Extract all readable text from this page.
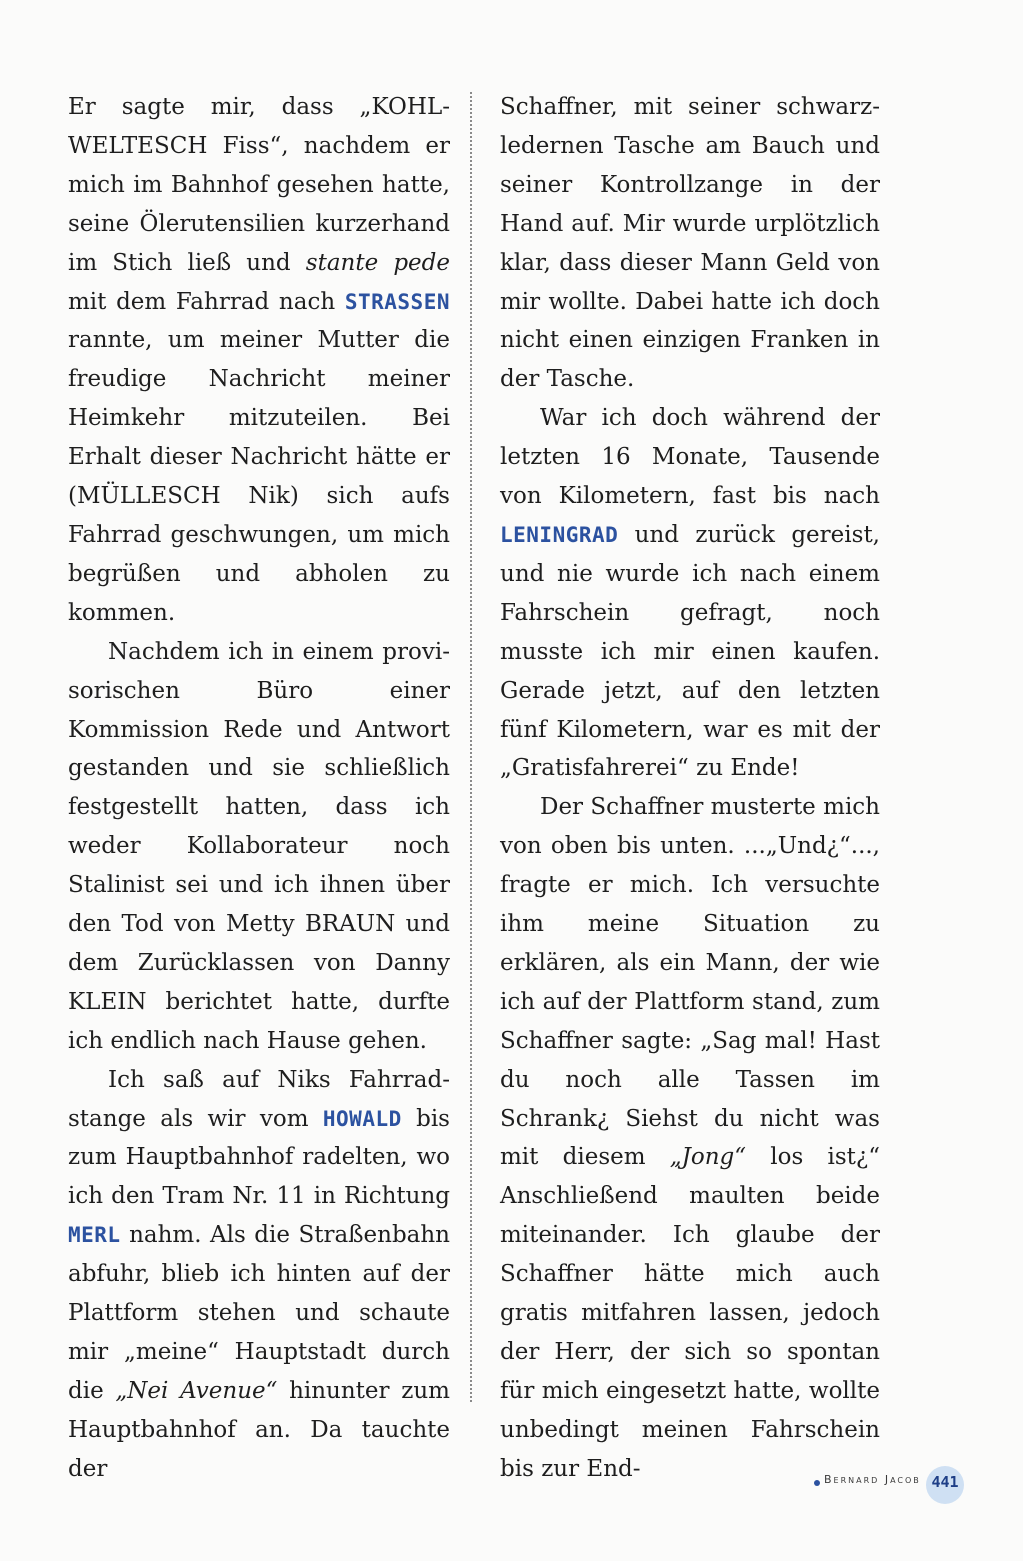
Er sagte mir, dass „KOHL-WELTESCH Fiss“, nachdem er mich im Bahnhof gesehen hatte, seine Ölerutensilien kurzerhand im Stich ließ und stante pede mit dem Fahrrad nach STRASSEN rannte, um meiner Mutter die freudige Nachricht meiner Heimkehr mitzuteilen. Bei Erhalt dieser Nachricht hätte er (MÜLLESCH Nik) sich aufs Fahrrad geschwungen, um mich begrüßen und abholen zu kommen.

Nachdem ich in einem provisorischen Büro einer Kommission Rede und Antwort gestanden und sie schließlich festgestellt hatten, dass ich weder Kollaborateur noch Stalinist sei und ich ihnen über den Tod von Metty BRAUN und dem Zurücklassen von Danny KLEIN berichtet hatte, durfte ich endlich nach Hause gehen.

Ich saß auf Niks Fahrradstange als wir vom HOWALD bis zum Hauptbahnhof radelten, wo ich den Tram Nr. 11 in Richtung MERL nahm. Als die Straßenbahn abfuhr, blieb ich hinten auf der Plattform stehen und schaute mir „meine“ Hauptstadt durch die „Nei Avenue“ hinunter zum Hauptbahnhof an. Da tauchte der

Schaffner, mit seiner schwarzledernen Tasche am Bauch und seiner Kontrollzange in der Hand auf. Mir wurde urplötzlich klar, dass dieser Mann Geld von mir wollte. Dabei hatte ich doch nicht einen einzigen Franken in der Tasche.

War ich doch während der letzten 16 Monate, Tausende von Kilometern, fast bis nach LENINGRAD und zurück gereist, und nie wurde ich nach einem Fahrschein gefragt, noch musste ich mir einen kaufen. Gerade jetzt, auf den letzten fünf Kilometern, war es mit der „Gratisfahrerei“ zu Ende!

Der Schaffner musterte mich von oben bis unten. ...„Und¿“..., fragte er mich. Ich versuchte ihm meine Situation zu erklären, als ein Mann, der wie ich auf der Plattform stand, zum Schaffner sagte: „Sag mal! Hast du noch alle Tassen im Schrank¿ Siehst du nicht was mit diesem „Jong“ los ist¿“ Anschließend maulten beide miteinander. Ich glaube der Schaffner hätte mich auch gratis mitfahren lassen, jedoch der Herr, der sich so spontan für mich eingesetzt hatte, wollte unbedingt meinen Fahrschein bis zur End-	Bernard Jacob 441
